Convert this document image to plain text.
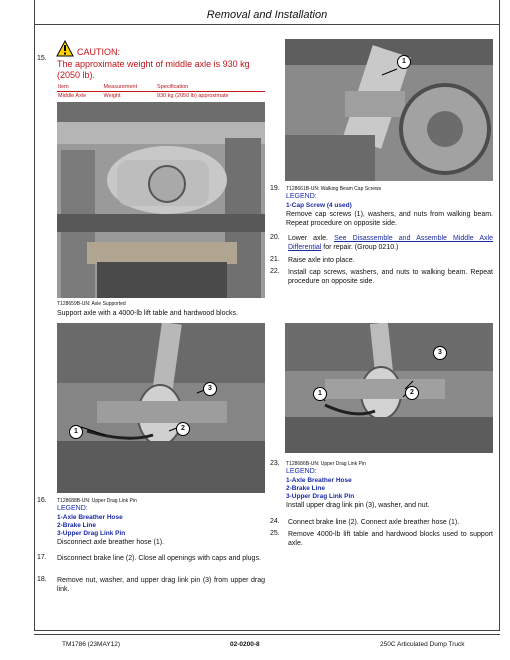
Removal and Installation
15.
CAUTION:
The approximate weight of middle axle is 930 kg (2050 lb).
Item	Measurement	Specification
Middle Axle	Weight	930 kg (2050 lb) approximate
T128659B-UN: Axle Supported
Support axle with a 4000-lb lift table and hardwood blocks.
1
19. T128661B-UN: Walking Beam Cap Screws
LEGEND:
1-Cap Screw (4 used)
Remove cap screws (1), washers, and nuts from walking beam. Repeat procedure on opposite side.
20. Lower axle. See Disassemble and Assemble Middle Axle Differential for repair. (Group 0210.)
21. Raise axle into place.
22. Install cap screws, washers, and nuts to walking beam. Repeat procedure on opposite side.
3
1	2
16. T128688B-UN: Upper Drag Link Pin
LEGEND:
1-Axle Breather Hose
2-Brake Line
3-Upper Drag Link Pin
Disconnect axle breather hose (1).
17. Disconnect brake line (2). Close all openings with caps and plugs.
18. Remove nut, washer, and upper drag link pin (3) from upper drag link.
3
2
1
23. T128686B-UN: Upper Drag Link Pin
LEGEND:
1-Axle Breather Hose
2-Brake Line
3-Upper Drag Link Pin
Install upper drag link pin (3), washer, and nut.
24. Connect brake line (2). Connect axle breather hose (1).
25. Remove 4000-lb lift table and hardwood blocks used to support axle.
TM1786 (23MAY12)	02-0200-8	250C Articulated Dump Truck
